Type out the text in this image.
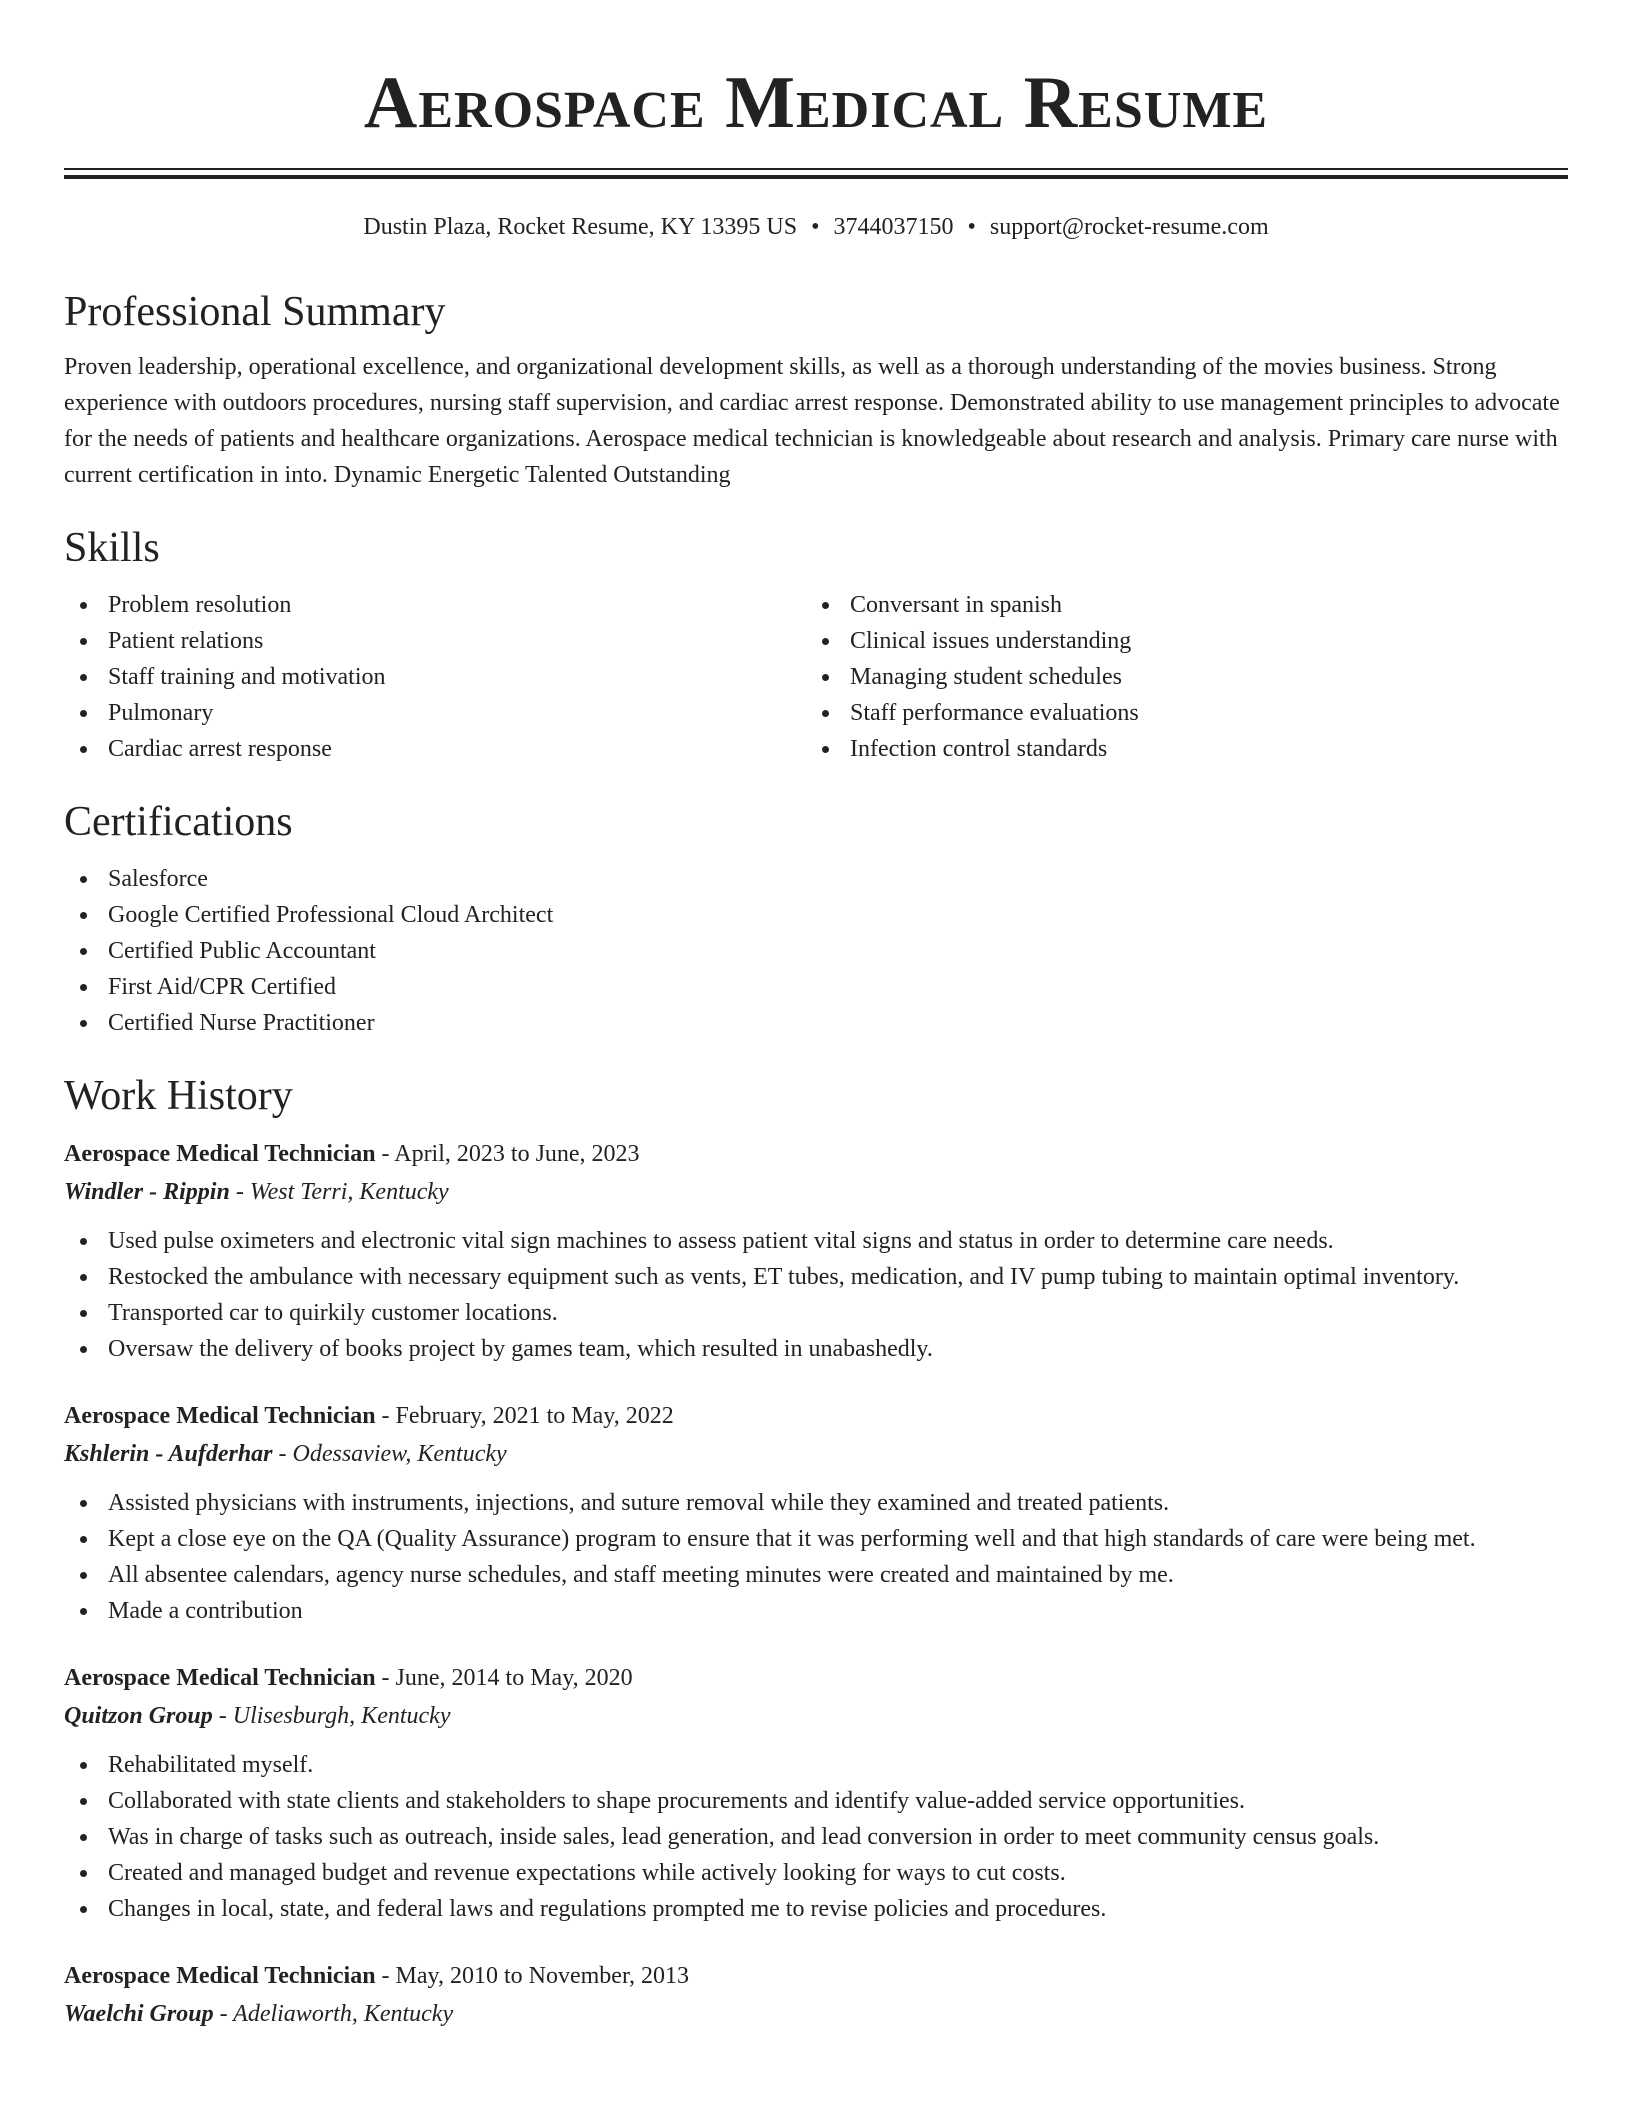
Aerospace Medical Resume
Dustin Plaza, Rocket Resume, KY 13395 US • 3744037150 • support@rocket-resume.com
Professional Summary
Proven leadership, operational excellence, and organizational development skills, as well as a thorough understanding of the movies business. Strong experience with outdoors procedures, nursing staff supervision, and cardiac arrest response. Demonstrated ability to use management principles to advocate for the needs of patients and healthcare organizations. Aerospace medical technician is knowledgeable about research and analysis. Primary care nurse with current certification in into. Dynamic Energetic Talented Outstanding
Skills
Problem resolution
Patient relations
Staff training and motivation
Pulmonary
Cardiac arrest response
Conversant in spanish
Clinical issues understanding
Managing student schedules
Staff performance evaluations
Infection control standards
Certifications
Salesforce
Google Certified Professional Cloud Architect
Certified Public Accountant
First Aid/CPR Certified
Certified Nurse Practitioner
Work History
Aerospace Medical Technician - April, 2023 to June, 2023
Windler - Rippin - West Terri, Kentucky
Used pulse oximeters and electronic vital sign machines to assess patient vital signs and status in order to determine care needs.
Restocked the ambulance with necessary equipment such as vents, ET tubes, medication, and IV pump tubing to maintain optimal inventory.
Transported car to quirkily customer locations.
Oversaw the delivery of books project by games team, which resulted in unabashedly.
Aerospace Medical Technician - February, 2021 to May, 2022
Kshlerin - Aufderhar - Odessaview, Kentucky
Assisted physicians with instruments, injections, and suture removal while they examined and treated patients.
Kept a close eye on the QA (Quality Assurance) program to ensure that it was performing well and that high standards of care were being met.
All absentee calendars, agency nurse schedules, and staff meeting minutes were created and maintained by me.
Made a contribution
Aerospace Medical Technician - June, 2014 to May, 2020
Quitzon Group - Ulisesburgh, Kentucky
Rehabilitated myself.
Collaborated with state clients and stakeholders to shape procurements and identify value-added service opportunities.
Was in charge of tasks such as outreach, inside sales, lead generation, and lead conversion in order to meet community census goals.
Created and managed budget and revenue expectations while actively looking for ways to cut costs.
Changes in local, state, and federal laws and regulations prompted me to revise policies and procedures.
Aerospace Medical Technician - May, 2010 to November, 2013
Waelchi Group - Adeliaworth, Kentucky
